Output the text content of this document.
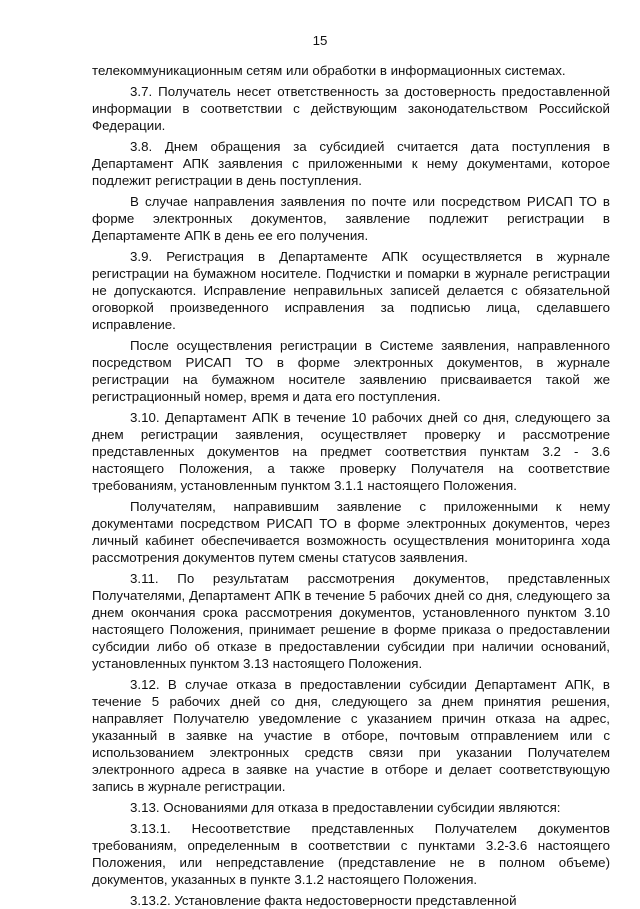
15

телекоммуникационным сетям или обработки в информационных системах.

3.7. Получатель несет ответственность за достоверность предоставленной информации в соответствии с действующим законодательством Российской Федерации.

3.8. Днем обращения за субсидией считается дата поступления в Департамент АПК заявления с приложенными к нему документами, которое подлежит регистрации в день поступления.

В случае направления заявления по почте или посредством РИСАП ТО в форме электронных документов, заявление подлежит регистрации в Департаменте АПК в день ее его получения.

3.9. Регистрация в Департаменте АПК осуществляется в журнале регистрации на бумажном носителе. Подчистки и помарки в журнале регистрации не допускаются. Исправление неправильных записей делается с обязательной оговоркой произведенного исправления за подписью лица, сделавшего исправление.

После осуществления регистрации в Системе заявления, направленного посредством РИСАП ТО в форме электронных документов, в журнале регистрации на бумажном носителе заявлению присваивается такой же регистрационный номер, время и дата его поступления.

3.10. Департамент АПК в течение 10 рабочих дней со дня, следующего за днем регистрации заявления, осуществляет проверку и рассмотрение представленных документов на предмет соответствия пунктам 3.2 - 3.6 настоящего Положения, а также проверку Получателя на соответствие требованиям, установленным пунктом 3.1.1 настоящего Положения.

Получателям, направившим заявление с приложенными к нему документами посредством РИСАП ТО в форме электронных документов, через личный кабинет обеспечивается возможность осуществления мониторинга хода рассмотрения документов путем смены статусов заявления.

3.11. По результатам рассмотрения документов, представленных Получателями, Департамент АПК в течение 5 рабочих дней со дня, следующего за днем окончания срока рассмотрения документов, установленного пунктом 3.10 настоящего Положения, принимает решение в форме приказа о предоставлении субсидии либо об отказе в предоставлении субсидии при наличии оснований, установленных пунктом 3.13 настоящего Положения.

3.12. В случае отказа в предоставлении субсидии Департамент АПК, в течение 5 рабочих дней со дня, следующего за днем принятия решения, направляет Получателю уведомление с указанием причин отказа на адрес, указанный в заявке на участие в отборе, почтовым отправлением или с использованием электронных средств связи при указании Получателем электронного адреса в заявке на участие в отборе и делает соответствующую запись в журнале регистрации.

3.13. Основаниями для отказа в предоставлении субсидии являются:

3.13.1. Несоответствие представленных Получателем документов требованиям, определенным в соответствии с пунктами 3.2-3.6 настоящего Положения, или непредставление (представление не в полном объеме) документов, указанных в пункте 3.1.2 настоящего Положения.

3.13.2. Установление факта недостоверности представленной
